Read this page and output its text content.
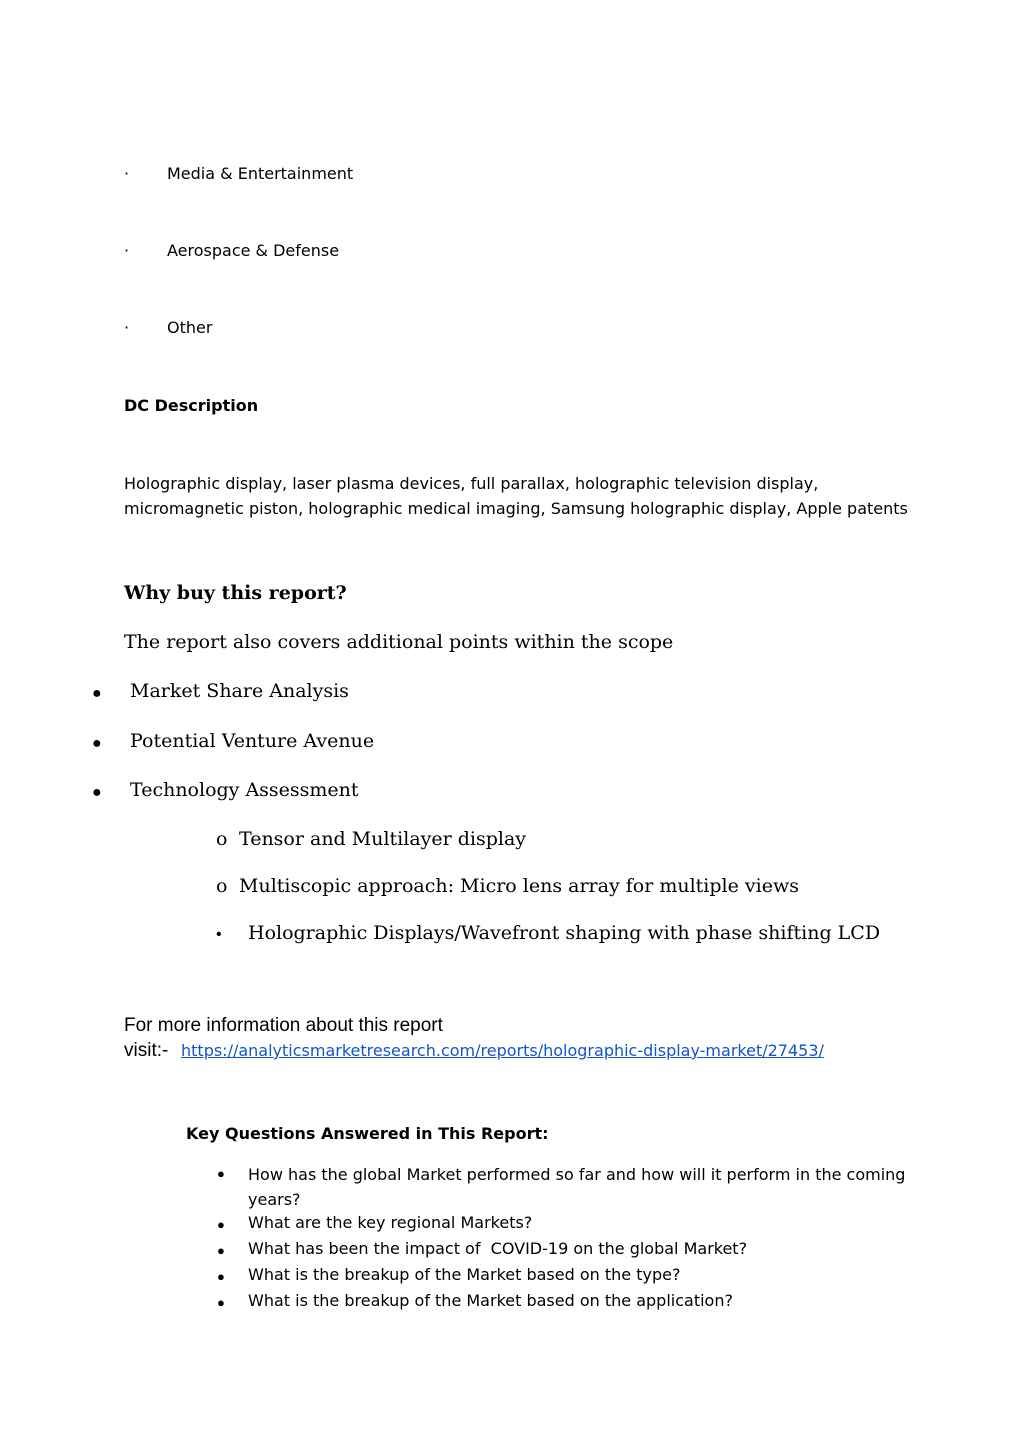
· Media & Entertainment
· Aerospace & Defense
· Other
DC Description
Holographic display, laser plasma devices, full parallax, holographic television display, micromagnetic piston, holographic medical imaging, Samsung holographic display, Apple patents
Why buy this report?
The report also covers additional points within the scope
● Market Share Analysis
● Potential Venture Avenue
● Technology Assessment
o Tensor and Multilayer display
o Multiscopic approach: Micro lens array for multiple views
• Holographic Displays/Wavefront shaping with phase shifting LCD
For more information about this report
visit:- https://analyticsmarketresearch.com/reports/holographic-display-market/27453/
Key Questions Answered in This Report:
● How has the global Market performed so far and how will it perform in the coming years?
● What are the key regional Markets?
● What has been the impact of  COVID-19 on the global Market?
● What is the breakup of the Market based on the type?
● What is the breakup of the Market based on the application?
